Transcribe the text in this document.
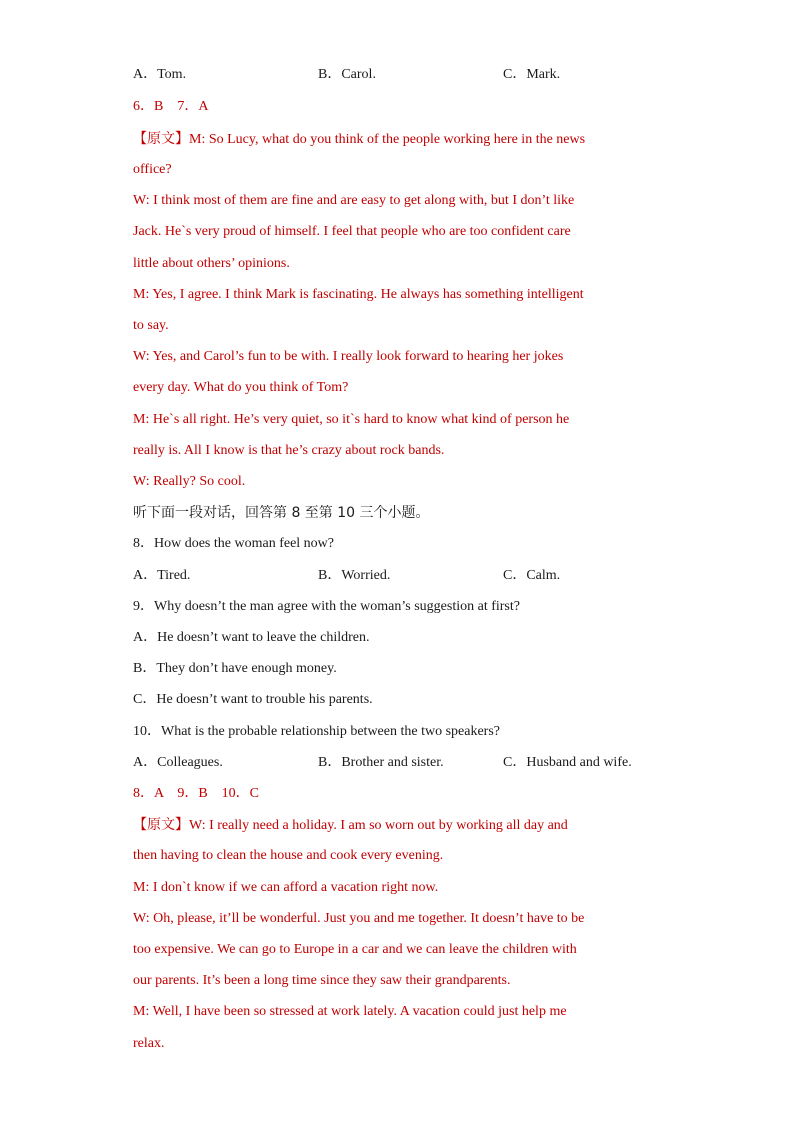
A．Tom.	B．Carol.	C．Mark.
6．B　7．A
【原文】M: So Lucy, what do you think of the people working here in the news
office?
W: I think most of them are fine and are easy to get along with, but I don’t like
Jack. He`s very proud of himself. I feel that people who are too confident care
little about others’ opinions.
M: Yes, I agree. I think Mark is fascinating. He always has something intelligent
to say.
W: Yes, and Carol’s fun to be with. I really look forward to hearing her jokes
every day. What do you think of Tom?
M: He`s all right. He’s very quiet, so it`s hard to know what kind of person he
really is. All I know is that he’s crazy about rock bands.
W: Really? So cool.
听下面一段对话，回答第 8 至第 10 三个小题。
8．How does the woman feel now?
A．Tired.	B．Worried.	C．Calm.
9．Why doesn’t the man agree with the woman’s suggestion at first?
A．He doesn’t want to leave the children.
B．They don’t have enough money.
C．He doesn’t want to trouble his parents.
10．What is the probable relationship between the two speakers?
A．Colleagues.	B．Brother and sister.	C．Husband and wife.
8．A　9．B　10．C
【原文】W: I really need a holiday. I am so worn out by working all day and
then having to clean the house and cook every evening.
M: I don`t know if we can afford a vacation right now.
W: Oh, please, it’ll be wonderful. Just you and me together. It doesn’t have to be
too expensive. We can go to Europe in a car and we can leave the children with
our parents. It’s been a long time since they saw their grandparents.
M: Well, I have been so stressed at work lately. A vacation could just help me
relax.
